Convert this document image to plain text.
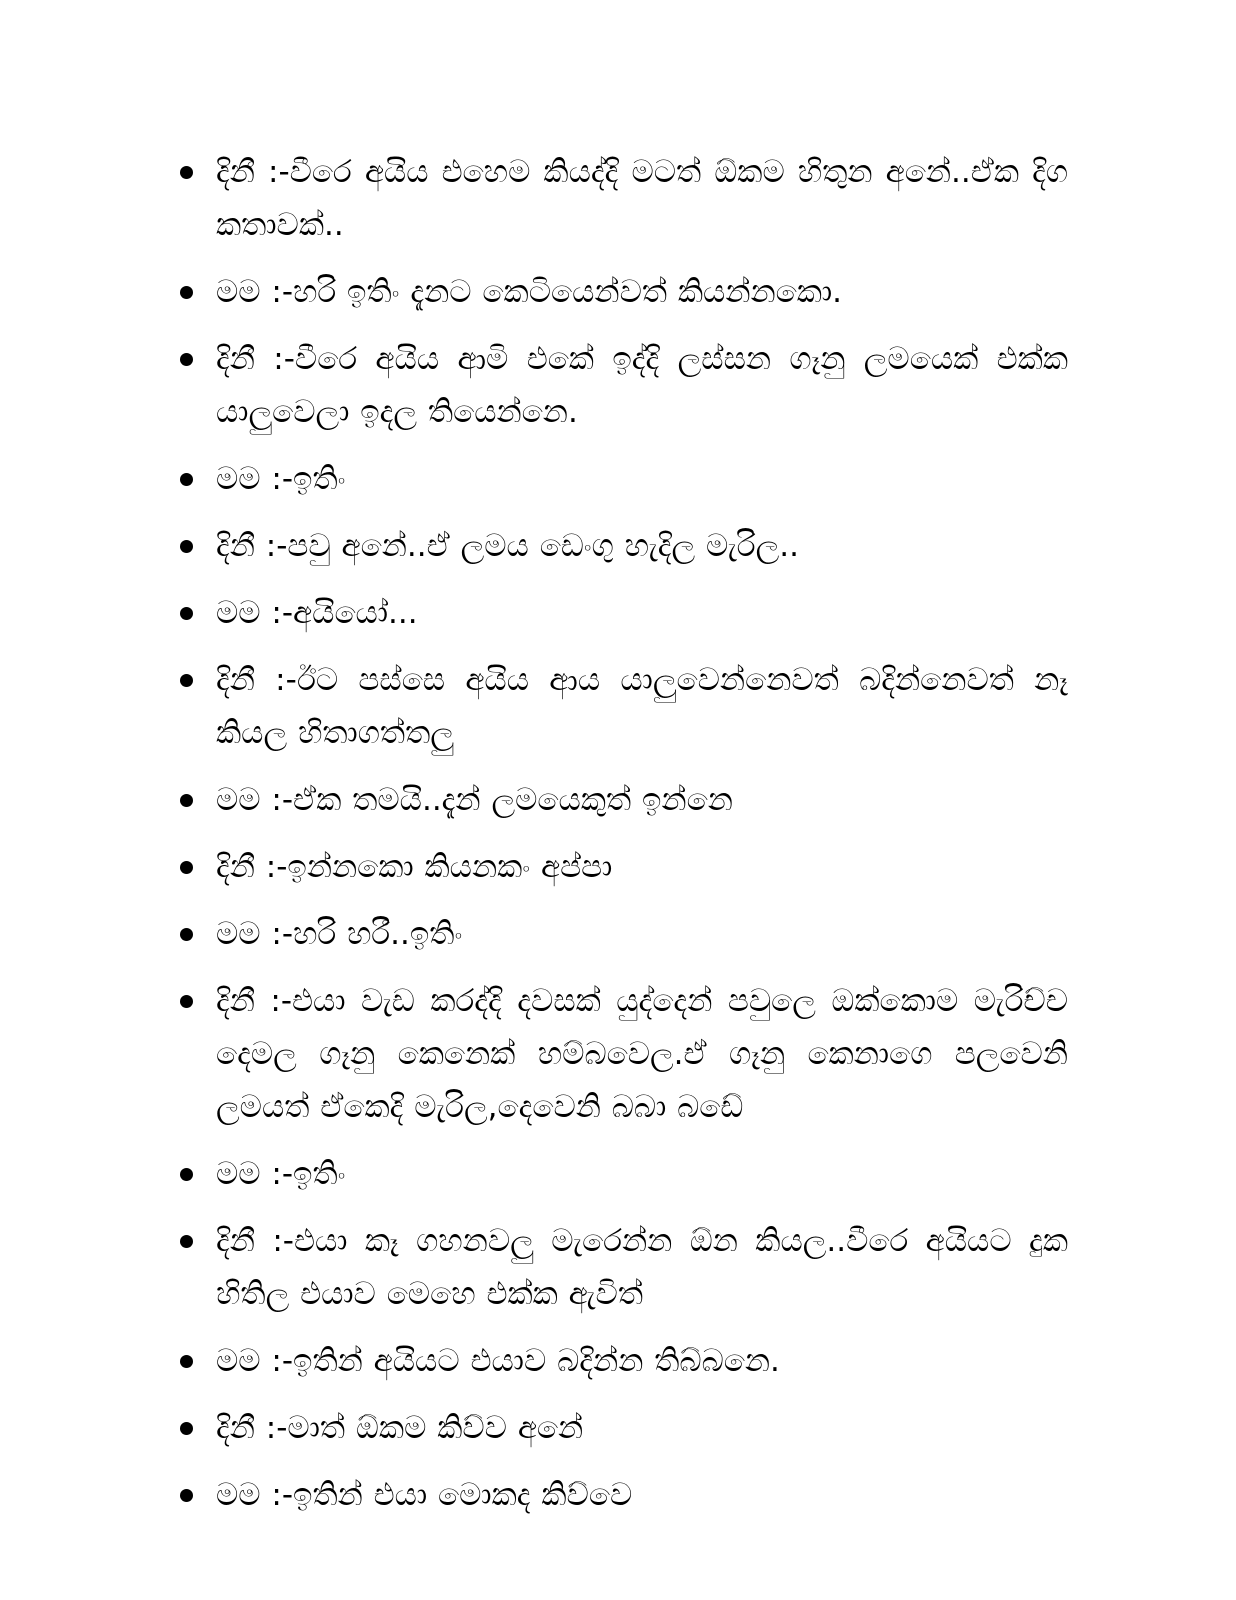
දිනී :-වීරෙ අයිය එහෙම කියද්දි මටත් ඕකම හිතුන අනේ..ඒක දිග කතාවක්..
මම :-හරි ඉතිං දැනට කෙටියෙන්වත් කියන්නකො.
දිනී :-වීරෙ අයිය ආමි එකේ ඉද්දි ලස්සන ගෑනු ලමයෙක් එක්ක යාලුවෙලා ඉදල තියෙන්නෙ.
මම :-ඉතිං
දිනී :-පවු අනේ..ඒ ලමය ඩෙංගු හැදිල මැරිල..
මම :-අයියෝ...
දිනී :-ඊට පස්සෙ අයිය ආය යාලුවෙන්නෙවත් බදින්නෙවත් නෑ කියල හිතාගත්තලු
මම :-ඒක තමයි..දැන් ලමයෙකුත් ඉන්නෙ
දිනී :-ඉන්නකො කියනකං අප්පා
මම :-හරි හරී..ඉතිං
දිනී :-එයා වැඩ කරද්දි දවසක් යුද්දෙන් පවුලෙ ඔක්කොම මැරිච්ච දෙමල ගෑනු කෙනෙක් හම්බවෙල.ඒ ගෑනු කෙනාගෙ පලවෙනි ලමයත් ඒකෙදි මැරිල,දෙවෙනි බබා බඩේ
මම :-ඉතිං
දිනී :-එයා කෑ ගහනවලු මැරෙන්න ඕන කියල..වීරෙ අයියට දුක හිතිල එයාව මෙහෙ එක්ක ඇවිත්
මම :-ඉතින් අයියට එයාව බදින්න තිබ්බනෙ.
දිනී :-මාත් ඕකම කිව්ව අනේ
මම :-ඉතින් එයා මොකද කිව්වෙ
